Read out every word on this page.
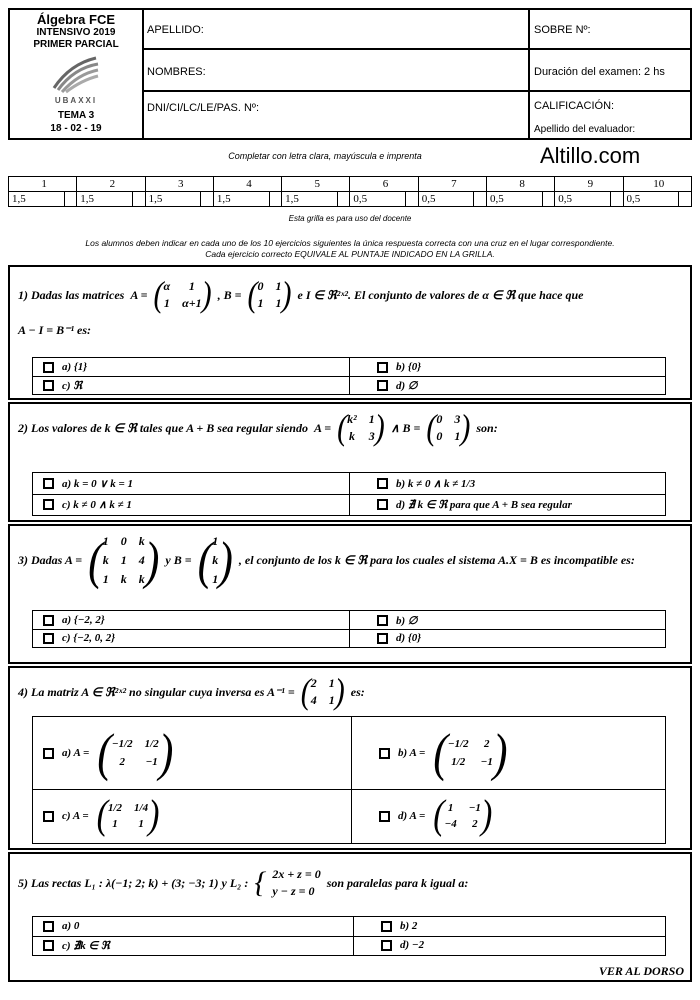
Álgebra FCE
INTENSIVO 2019
PRIMER PARCIAL
UBAXXI
TEMA 3
18 - 02 - 19
APELLIDO:
NOMBRES:
DNI/CI/LC/LE/PAS. Nº:
SOBRE Nº:
Duración del examen: 2 hs
CALIFICACIÓN:
Apellido del evaluador:
Completar con letra clara, mayúscula e imprenta	Altillo.com
1		2		3		4		5		6		7		8		9		10	
1,5		1,5		1,5		1,5		1,5		0,5		0,5		0,5		0,5		0,5	
Esta grilla es para uso del docente
Los alumnos deben indicar en cada uno de los 10 ejercicios siguientes la única respuesta correcta con una cruz en el lugar correspondiente.
Cada ejercicio correcto EQUIVALE AL PUNTAJE INDICADO EN LA GRILLA.
1) Dadas las matrices A = ( α	1
1 α+1 ) , B = ( 0 1
1 1 ) e I ∈ ℜ²ˣ². El conjunto de valores de α ∈ ℜ que hace que
A − I = B⁻¹ es:
a) {1}	b) {0}
c) ℜ	d) ∅
2) Los valores de k ∈ ℜ tales que A + B sea regular siendo A = ( k² 1
k 3 ) ∧ B = ( 0 3
0 1 ) son:
a) k = 0 ∨ k = 1	b) k ≠ 0 ∧ k ≠ 1/3
c) k ≠ 0 ∧ k ≠ 1	d) ∄ k ∈ ℜ para que A + B sea regular
3) Dadas A = ( 1 0 k
k 1 4
1 k k ) y B = ( 1
k
1 ) , el conjunto de los k ∈ ℜ para los cuales el sistema A.X = B es incompatible es:
a) {−2, 2}	b) ∅
c) {−2, 0, 2}	d) {0}
4) La matriz A ∈ ℜ²ˣ² no singular cuya inversa es A⁻¹ = ( 2 1
4 1 ) es:
a) A = ( −1/2 1/2
2	−1 )	b) A = ( −1/2	2
1/2	−1 )
c) A = ( 1/2 1/4
1	1 )	d) A = ( 1	−1
−4	2 )
5) Las rectas L₁ : λ(−1; 2; k) + (3; −3; 1) y L₂ : { 2x + z = 0
y − z = 0
son paralelas para k igual a:
a) 0	b) 2
c) ∄k ∈ ℜ	d) −2
VER AL DORSO
